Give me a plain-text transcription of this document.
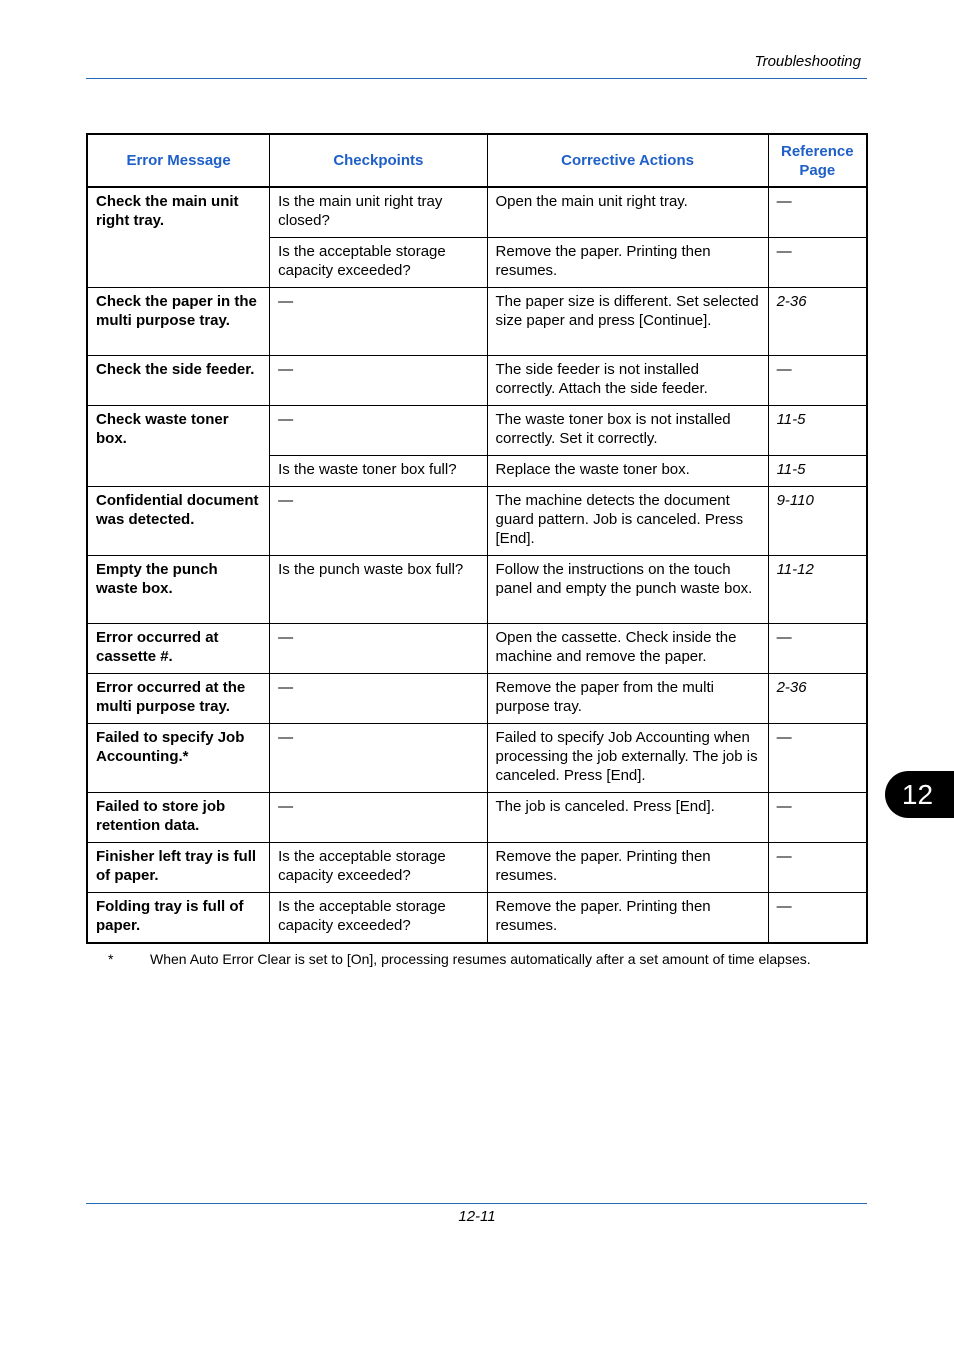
Troubleshooting
Error Message	Checkpoints	Corrective Actions	Reference Page
Check the main unit right tray.	Is the main unit right tray closed?	Open the main unit right tray.	—
	Is the acceptable storage capacity exceeded?	Remove the paper. Printing then resumes.	—
Check the paper in the multi purpose tray.	—	The paper size is different. Set selected size paper and press [Continue].	2-36
Check the side feeder.	—	The side feeder is not installed correctly. Attach the side feeder.	—
Check waste toner box.	—	The waste toner box is not installed correctly. Set it correctly.	11-5
	Is the waste toner box full?	Replace the waste toner box.	11-5
Confidential document was detected.	—	The machine detects the document guard pattern. Job is canceled. Press [End].	9-110
Empty the punch waste box.	Is the punch waste box full?	Follow the instructions on the touch panel and empty the punch waste box.	11-12
Error occurred at cassette #.	—	Open the cassette. Check inside the machine and remove the paper.	—
Error occurred at the multi purpose tray.	—	Remove the paper from the multi purpose tray.	2-36
Failed to specify Job Accounting.*	—	Failed to specify Job Accounting when processing the job externally. The job is canceled. Press [End].	—
Failed to store job retention data.	—	The job is canceled. Press [End].	—
Finisher left tray is full of paper.	Is the acceptable storage capacity exceeded?	Remove the paper. Printing then resumes.	—
Folding tray is full of paper.	Is the acceptable storage capacity exceeded?	Remove the paper. Printing then resumes.	—
*	When Auto Error Clear is set to [On], processing resumes automatically after a set amount of time elapses.
12
12-11
